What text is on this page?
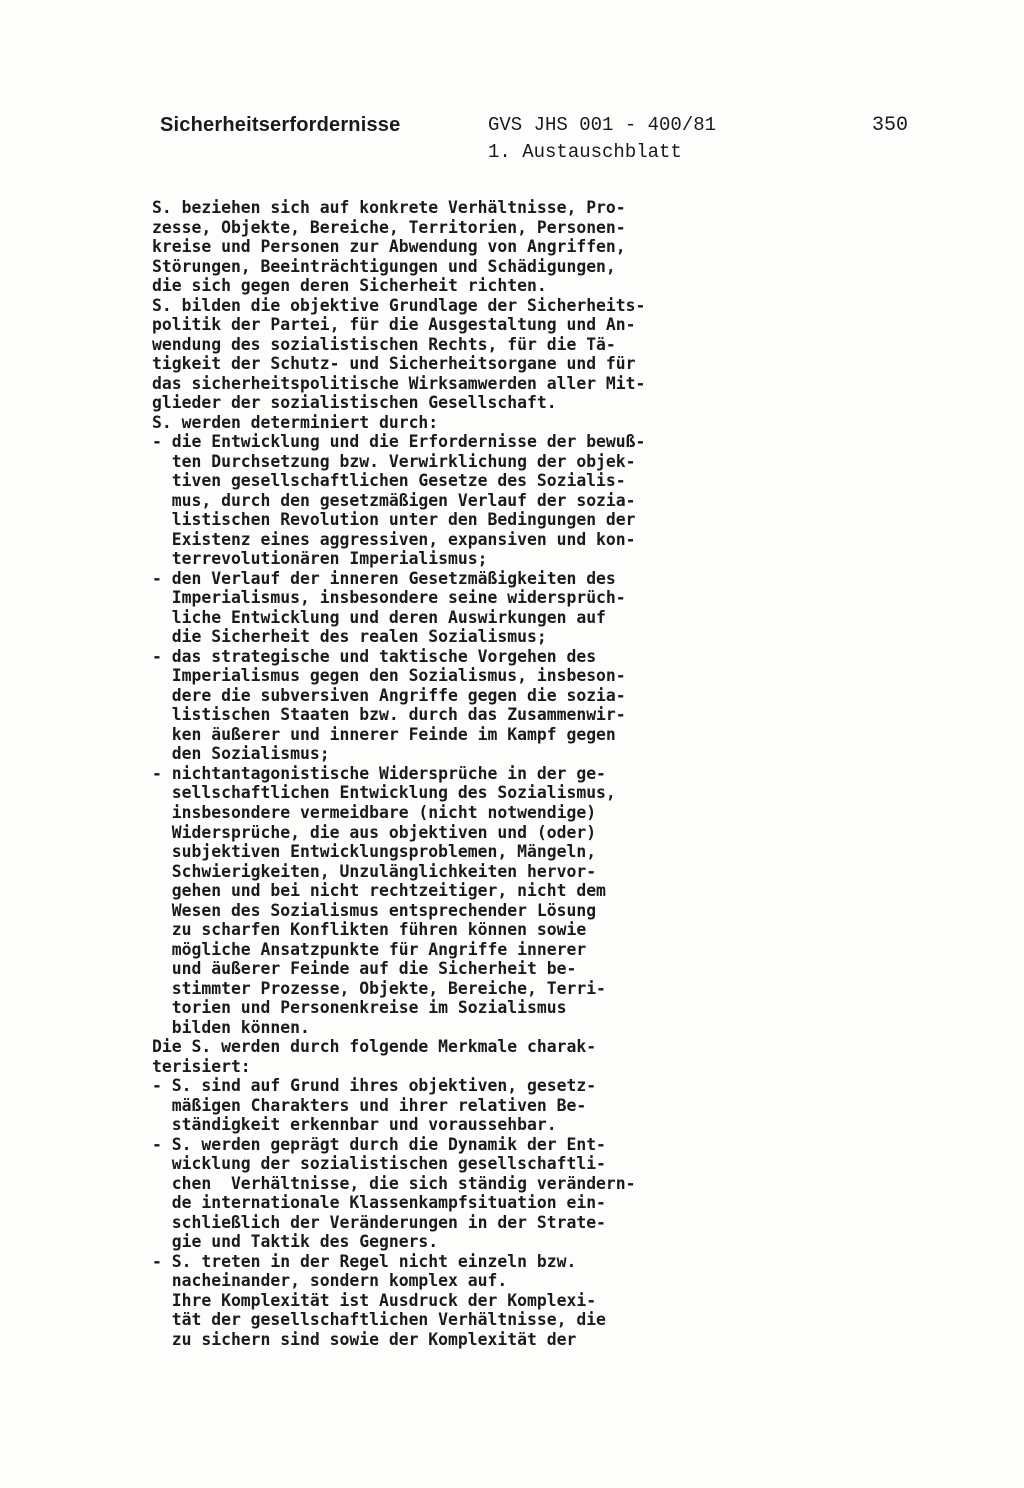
Sicherheitserfordernisse	GVS JHS 001 - 400/81
1. Austauschblatt
350
S. beziehen sich auf konkrete Verhältnisse, Pro-
zesse, Objekte, Bereiche, Territorien, Personen-
kreise und Personen zur Abwendung von Angriffen,
Störungen, Beeinträchtigungen und Schädigungen,
die sich gegen deren Sicherheit richten.
S. bilden die objektive Grundlage der Sicherheits-
politik der Partei, für die Ausgestaltung und An-
wendung des sozialistischen Rechts, für die Tä-
tigkeit der Schutz- und Sicherheitsorgane und für
das sicherheitspolitische Wirksamwerden aller Mit-
glieder der sozialistischen Gesellschaft.
S. werden determiniert durch:
- die Entwicklung und die Erfordernisse der bewuß-
ten Durchsetzung bzw. Verwirklichung der objek-
tiven gesellschaftlichen Gesetze des Sozialis-
mus, durch den gesetzmäßigen Verlauf der sozia-
listischen Revolution unter den Bedingungen der
Existenz eines aggressiven, expansiven und kon-
terrevolutionären Imperialismus;
- den Verlauf der inneren Gesetzmäßigkeiten des
Imperialismus, insbesondere seine widersprüch-
liche Entwicklung und deren Auswirkungen auf
die Sicherheit des realen Sozialismus;
- das strategische und taktische Vorgehen des
Imperialismus gegen den Sozialismus, insbeson-
dere die subversiven Angriffe gegen die sozia-
listischen Staaten bzw. durch das Zusammenwir-
ken äußerer und innerer Feinde im Kampf gegen
den Sozialismus;
- nichtantagonistische Widersprüche in der ge-
sellschaftlichen Entwicklung des Sozialismus,
insbesondere vermeidbare (nicht notwendige)
Widersprüche, die aus objektiven und (oder)
subjektiven Entwicklungsproblemen, Mängeln,
Schwierigkeiten, Unzulänglichkeiten hervor-
gehen und bei nicht rechtzeitiger, nicht dem
Wesen des Sozialismus entsprechender Lösung
zu scharfen Konflikten führen können sowie
mögliche Ansatzpunkte für Angriffe innerer
und äußerer Feinde auf die Sicherheit be-
stimmter Prozesse, Objekte, Bereiche, Terri-
torien und Personenkreise im Sozialismus
bilden können.
Die S. werden durch folgende Merkmale charak-
terisiert:
- S. sind auf Grund ihres objektiven, gesetz-
mäßigen Charakters und ihrer relativen Be-
ständigkeit erkennbar und voraussehbar.
- S. werden geprägt durch die Dynamik der Ent-
wicklung der sozialistischen gesellschaftli-
chen  Verhältnisse, die sich ständig verändern-
de internationale Klassenkampfsituation ein-
schließlich der Veränderungen in der Strate-
gie und Taktik des Gegners.
- S. treten in der Regel nicht einzeln bzw.
nacheinander, sondern komplex auf.
Ihre Komplexität ist Ausdruck der Komplexi-
tät der gesellschaftlichen Verhältnisse, die
zu sichern sind sowie der Komplexität der
